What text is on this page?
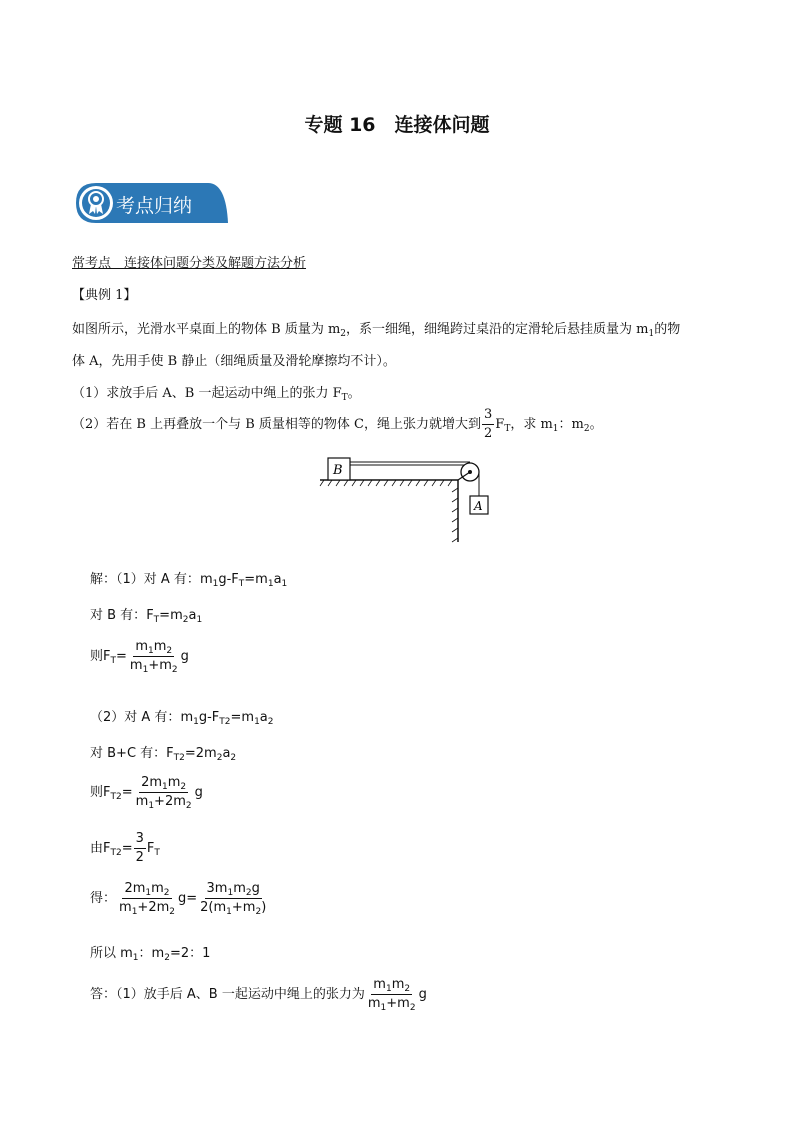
专题 16　连接体问题
考点归纳
常考点　连接体问题分类及解题方法分析
【典例 1】
如图所示，光滑水平桌面上的物体 B 质量为 $m_2$，系一细绳，细绳跨过桌沿的定滑轮后悬挂质量为 $m_1$的物
体 A，先用手使 B 静止（细绳质量及滑轮摩擦均不计）。
（1）求放手后 A、B 一起运动中绳上的张力 $F_T$。
（2）若在 B 上再叠放一个与 B 质量相等的物体 C，绳上张力就增大到 $\frac{3}{2} F_T$，求 $m_1$：$m_2$。
B
A
解：（1）对 A 有：$m_1g-F_T=m_1a_1$
对 B 有：$F_T=m_2a_1$
则$F_T= \frac{m_1m_2}{m_1+m_2}$ g
（2）对 A 有：$m_1g-F_{T2}=m_1a_2$
对 B+C 有：$F_{T2}=2m_2a_2$
则$F_{T2}= \frac{2m_1m_2}{m_1+2m_2}$ g
由$F_{T2}= \frac{3}{2} F_T$
得： $\frac{2m_1m_2}{m_1+2m_2} g= \frac{3m_1m_2g}{2(m_1+m_2)}$
所以 $m_1$：$m_2=2$：1
答：（1）放手后 A、B 一起运动中绳上的张力为 $\frac{m_1m_2}{m_1+m_2}$ g
